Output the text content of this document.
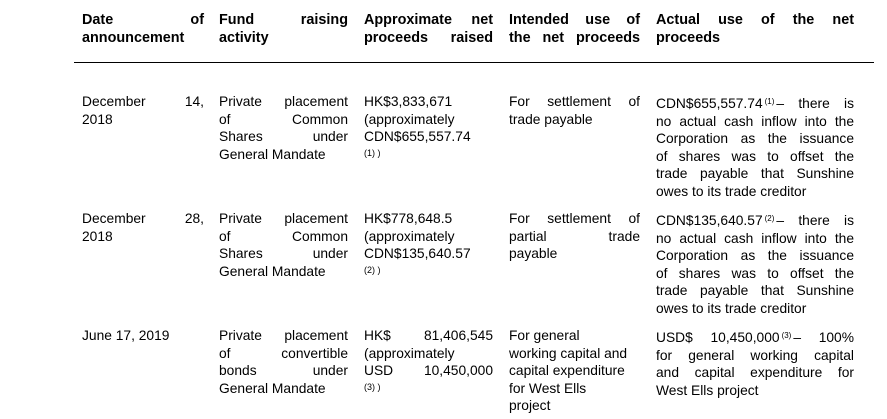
Date of
announcement
Fund raising
activity
Approximate net
proceeds raised
Intended use of
the net proceeds
Actual use of the net
proceeds
December 14,
2018
Private placement
of Common
Shares under
General Mandate
HK$3,833,671
(approximately
CDN$655,557.74
(1) )
For settlement of
trade payable
CDN$655,557.74 $^{(1)}$ – there is
no actual cash inflow into the
Corporation as the issuance
of shares was to offset the
trade payable that Sunshine
owes to its trade creditor
December 28,
2018
Private placement
of Common
Shares under
General Mandate
HK$778,648.5
(approximately
CDN$135,640.57
(2) )
For settlement of
partial trade
payable
CDN$135,640.57 $^{(2)}$ – there is
no actual cash inflow into the
Corporation as the issuance
of shares was to offset the
trade payable that Sunshine
owes to its trade creditor
June 17, 2019	Private placement
of convertible
bonds under
General Mandate
HK$ 81,406,545
(approximately
USD 10,450,000
(3) )
For general
working capital and
capital expenditure
for West Ells
project
USD$ 10,450,000 $^{(3)}$ – 100%
for general working capital
and capital expenditure for
West Ells project
